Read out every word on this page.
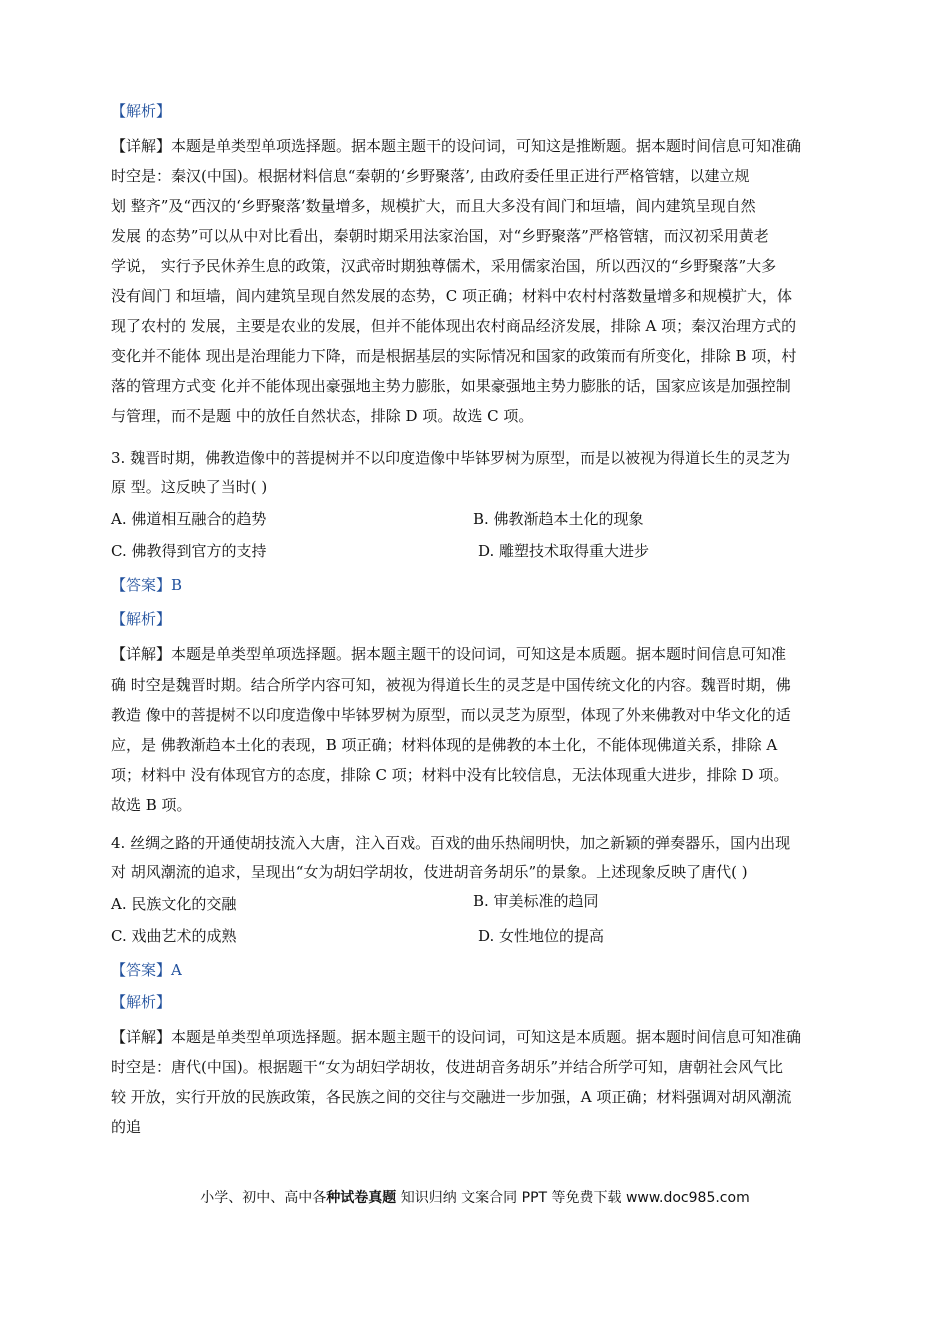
【解析】
【详解】本题是单类型单项选择题。据本题主题干的设问词，可知这是推断题。据本题时间信息可知准确
时空是：秦汉(中国)。根据材料信息“秦朝的‘乡野聚落’, 由政府委任里正进行严格管辖，以建立规
划 整齐”及“西汉的‘乡野聚落’数量增多，规模扩大，而且大多没有闾门和垣墙，闾内建筑呈现自然
发展 的态势”可以从中对比看出，秦朝时期采用法家治国，对“乡野聚落”严格管辖，而汉初采用黄老
学说， 实行予民休养生息的政策，汉武帝时期独尊儒术，采用儒家治国，所以西汉的“乡野聚落”大多
没有闾门 和垣墙，闾内建筑呈现自然发展的态势，C 项正确；材料中农村村落数量增多和规模扩大，体
现了农村的 发展，主要是农业的发展，但并不能体现出农村商品经济发展，排除 A 项；秦汉治理方式的
变化并不能体 现出是治理能力下降，而是根据基层的实际情况和国家的政策而有所变化，排除 B 项，村
落的管理方式变 化并不能体现出豪强地主势力膨胀，如果豪强地主势力膨胀的话，国家应该是加强控制
与管理，而不是题 中的放任自然状态，排除 D 项。故选 C 项。
3. 魏晋时期，佛教造像中的菩提树并不以印度造像中毕钵罗树为原型，而是以被视为得道长生的灵芝为
原 型。这反映了当时( )
A. 佛道相互融合的趋势	B. 佛教渐趋本土化的现象
C. 佛教得到官方的支持	D. 雕塑技术取得重大进步
【答案】B
【解析】
【详解】本题是单类型单项选择题。据本题主题干的设问词，可知这是本质题。据本题时间信息可知准
确 时空是魏晋时期。结合所学内容可知，被视为得道长生的灵芝是中国传统文化的内容。魏晋时期，佛
教造 像中的菩提树不以印度造像中毕钵罗树为原型，而以灵芝为原型，体现了外来佛教对中华文化的适
应，是 佛教渐趋本土化的表现，B 项正确；材料体现的是佛教的本土化，不能体现佛道关系，排除 A
项；材料中 没有体现官方的态度，排除 C 项；材料中没有比较信息，无法体现重大进步，排除 D 项。
故选 B 项。
4. 丝绸之路的开通使胡技流入大唐，注入百戏。百戏的曲乐热闹明快，加之新颖的弹奏器乐，国内出现
对 胡风潮流的追求，呈现出“女为胡妇学胡妆，伎进胡音务胡乐”的景象。上述现象反映了唐代( )
A. 民族文化的交融	B. 审美标准的趋同
C. 戏曲艺术的成熟	D. 女性地位的提高
【答案】A
【解析】
【详解】本题是单类型单项选择题。据本题主题干的设问词，可知这是本质题。据本题时间信息可知准确
时空是：唐代(中国)。根据题干“女为胡妇学胡妆，伎进胡音务胡乐”并结合所学可知，唐朝社会风气比
较 开放，实行开放的民族政策，各民族之间的交往与交融进一步加强，A 项正确；材料强调对胡风潮流
的追
小学、初中、高中各种试卷真题 知识归纳 文案合同 PPT 等免费下载 www.doc985.com
